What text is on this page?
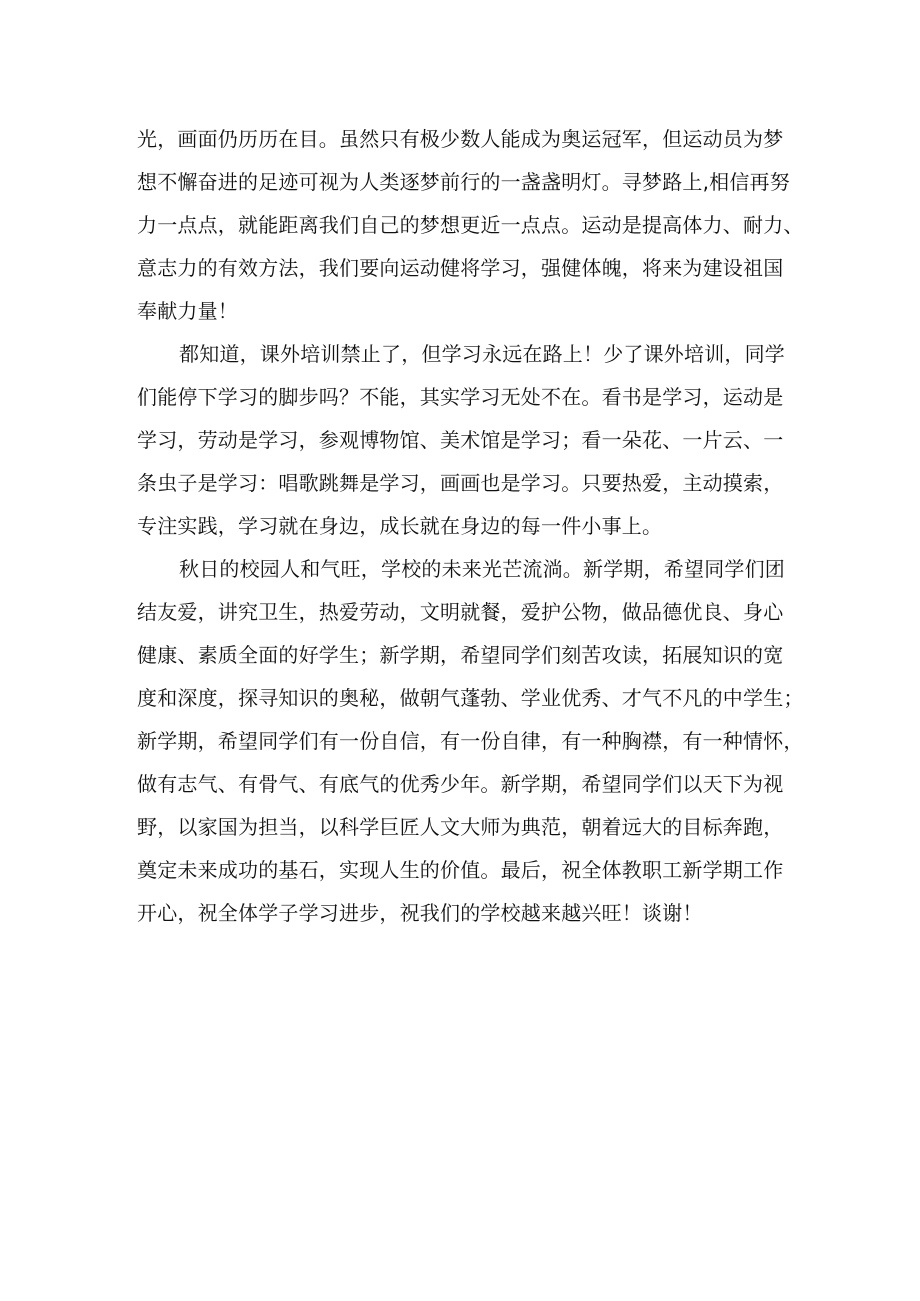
光，画面仍历历在目。虽然只有极少数人能成为奥运冠军，但运动员为梦
想不懈奋进的足迹可视为人类逐梦前行的一盏盏明灯。寻梦路上,相信再努
力一点点，就能距离我们自己的梦想更近一点点。运动是提高体力、耐力、
意志力的有效方法，我们要向运动健将学习，强健体魄，将来为建设祖国
奉献力量！

都知道，课外培训禁止了，但学习永远在路上！少了课外培训，同学
们能停下学习的脚步吗？不能，其实学习无处不在。看书是学习，运动是
学习，劳动是学习，参观博物馆、美术馆是学习；看一朵花、一片云、一
条虫子是学习：唱歌跳舞是学习，画画也是学习。只要热爱，主动摸索，
专注实践，学习就在身边，成长就在身边的每一件小事上。

秋日的校园人和气旺，学校的未来光芒流淌。新学期，希望同学们团
结友爱，讲究卫生，热爱劳动，文明就餐，爱护公物，做品德优良、身心
健康、素质全面的好学生；新学期，希望同学们刻苦攻读，拓展知识的宽
度和深度，探寻知识的奥秘，做朝气蓬勃、学业优秀、才气不凡的中学生；
新学期，希望同学们有一份自信，有一份自律，有一种胸襟，有一种情怀，
做有志气、有骨气、有底气的优秀少年。新学期，希望同学们以天下为视
野，以家国为担当，以科学巨匠人文大师为典范，朝着远大的目标奔跑，
奠定未来成功的基石，实现人生的价值。最后，祝全体教职工新学期工作
开心，祝全体学子学习进步，祝我们的学校越来越兴旺！谈谢！
